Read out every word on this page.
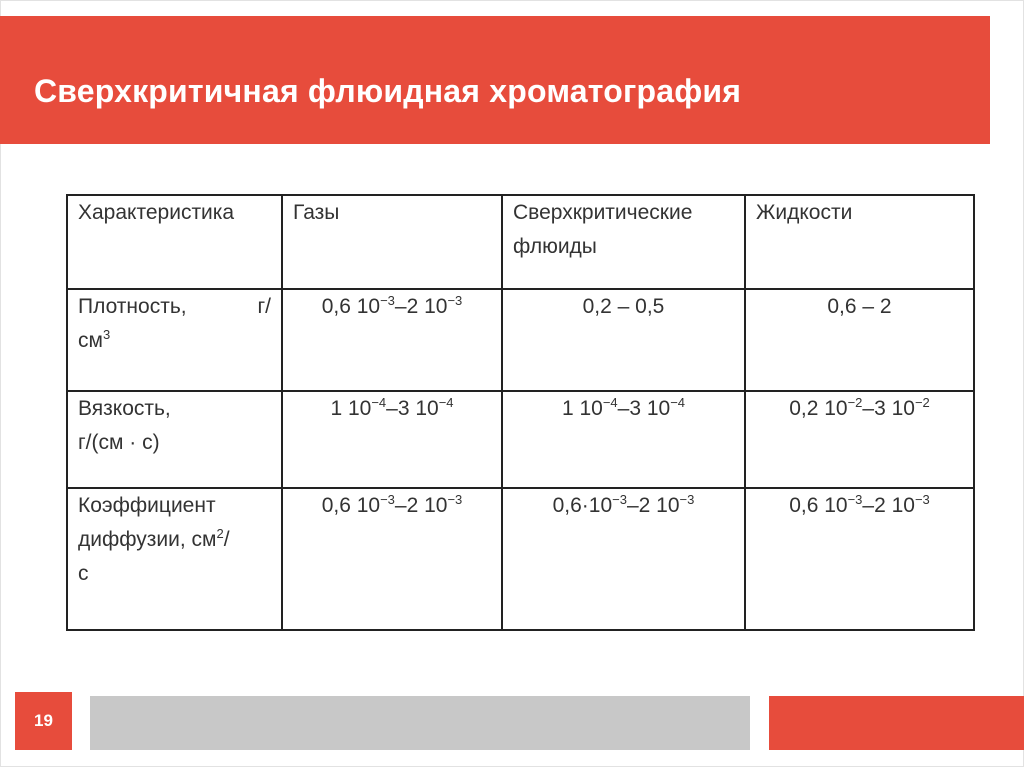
Сверхкритичная флюидная хроматография
Характеристика	Газы	Сверхкритические флюиды	Жидкости

Плотность, г/
$см^3$	0,6 $10^{-3}-2$ $10^{-3}$	0,2 – 0,5	0,6 – 2
Вязкость,
г/(см · с)	1 $10^{-4}-3$ $10^{-4}$	1 $10^{-4}-3$ $10^{-4}$	0,2 $10^{-2}-3$ $10^{-2}$
Коэффициент
диффузии, $см^2/$
с	0,6 $10^{-3}-2$ $10^{-3}$	$0,6\cdot 10^{-3}-2$ $10^{-3}$	0,6 $10^{-3}-2$ $10^{-3}$
19
